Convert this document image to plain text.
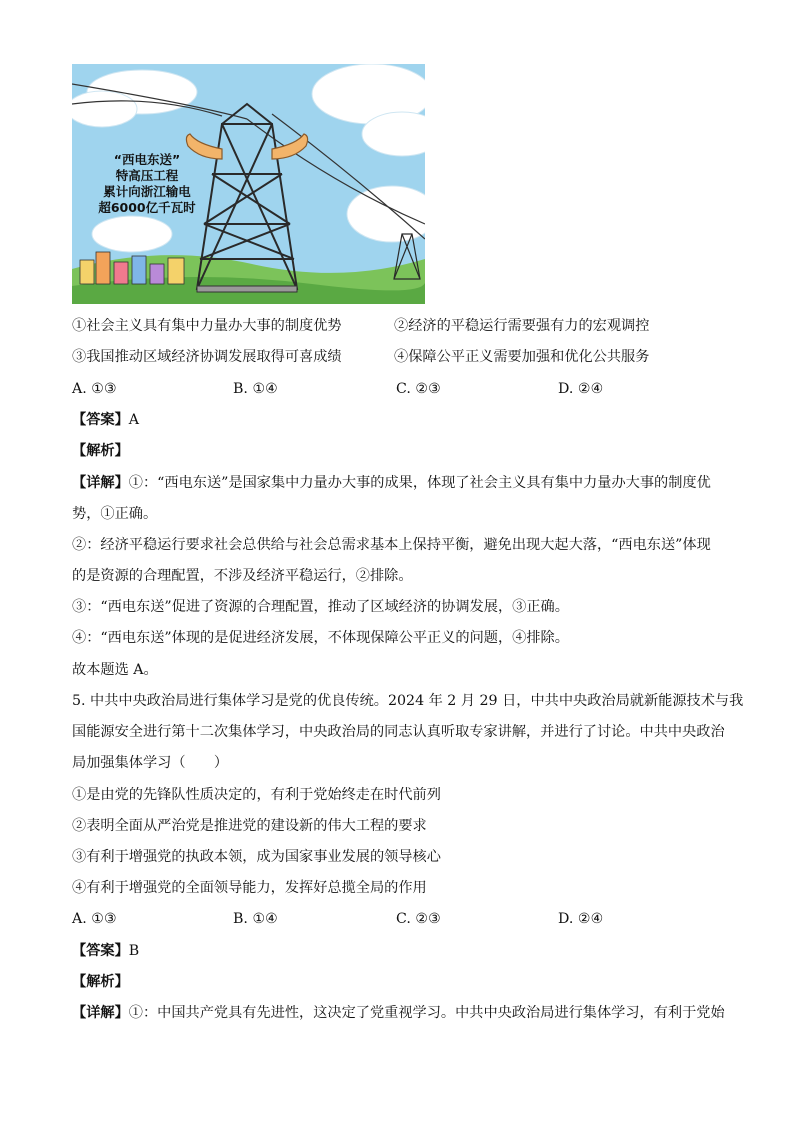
“西电东送”
特高压工程
累计向浙江输电
超6000亿千瓦时
①社会主义具有集中力量办大事的制度优势	②经济的平稳运行需要强有力的宏观调控
③我国推动区域经济协调发展取得可喜成绩	④保障公平正义需要加强和优化公共服务
A. ①③	B. ①④	C. ②③	D. ②④
【答案】A
【解析】
【详解】①：“西电东送”是国家集中力量办大事的成果，体现了社会主义具有集中力量办大事的制度优
势，①正确。
②：经济平稳运行要求社会总供给与社会总需求基本上保持平衡，避免出现大起大落，“西电东送”体现
的是资源的合理配置，不涉及经济平稳运行，②排除。
③：“西电东送”促进了资源的合理配置，推动了区域经济的协调发展，③正确。
④：“西电东送”体现的是促进经济发展，不体现保障公平正义的问题，④排除。
故本题选 A。
5. 中共中央政治局进行集体学习是党的优良传统。2024 年 2 月 29 日，中共中央政治局就新能源技术与我
国能源安全进行第十二次集体学习，中央政治局的同志认真听取专家讲解，并进行了讨论。中共中央政治
局加强集体学习（　　）
①是由党的先锋队性质决定的，有利于党始终走在时代前列
②表明全面从严治党是推进党的建设新的伟大工程的要求
③有利于增强党的执政本领，成为国家事业发展的领导核心
④有利于增强党的全面领导能力，发挥好总揽全局的作用
A. ①③	B. ①④	C. ②③	D. ②④
【答案】B
【解析】
【详解】①：中国共产党具有先进性，这决定了党重视学习。中共中央政治局进行集体学习，有利于党始
